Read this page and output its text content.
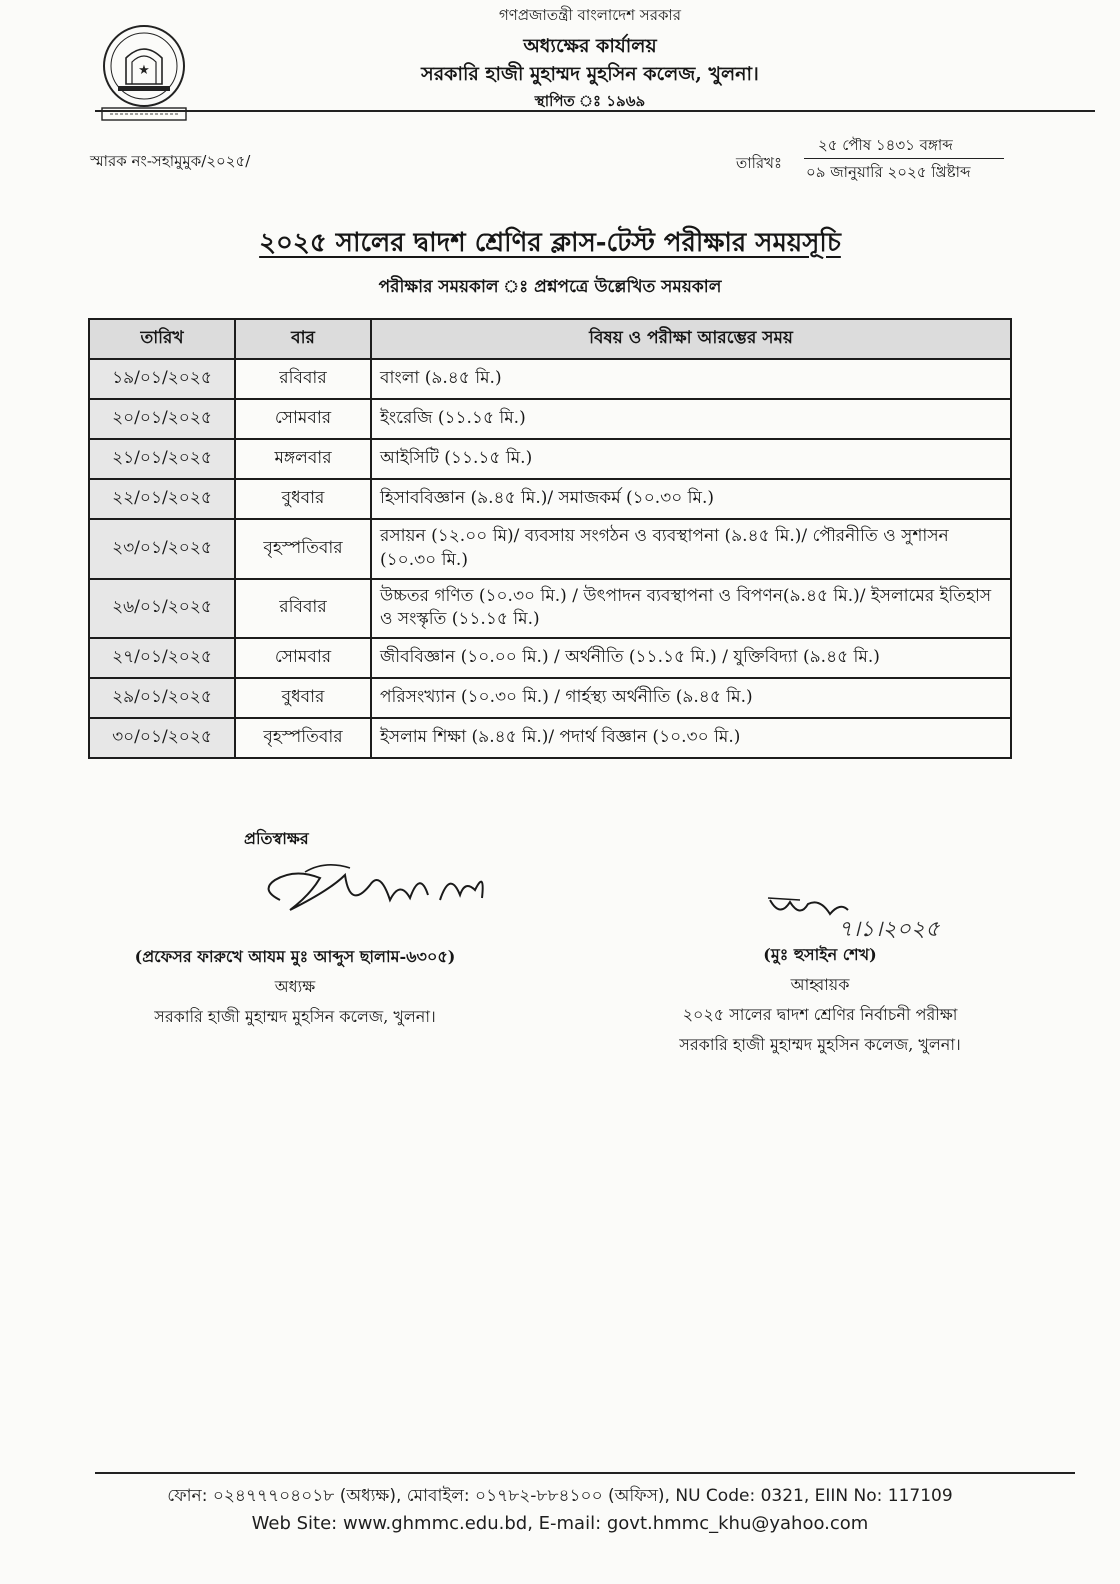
★
গণপ্রজাতন্ত্রী বাংলাদেশ সরকার
অধ্যক্ষের কার্যালয়
সরকারি হাজী মুহাম্মদ মুহসিন কলেজ, খুলনা।
স্থাপিত ঃ ১৯৬৯
স্মারক নং-সহামুমুক/২০২৫/	তারিখঃ
২৫ পৌষ ১৪৩১ বঙ্গাব্দ
০৯ জানুয়ারি ২০২৫ খ্রিষ্টাব্দ
২০২৫ সালের দ্বাদশ শ্রেণির ক্লাস-টেস্ট পরীক্ষার সময়সূচি
পরীক্ষার সময়কাল ঃ প্রশ্নপত্রে উল্লেখিত সময়কাল
তারিখ	বার	বিষয় ও পরীক্ষা আরম্ভের সময়
১৯/০১/২০২৫	রবিবার	বাংলা (৯.৪৫ মি.)
২০/০১/২০২৫	সোমবার	ইংরেজি (১১.১৫ মি.)
২১/০১/২০২৫	মঙ্গলবার	আইসিটি (১১.১৫ মি.)
২২/০১/২০২৫	বুধবার	হিসাববিজ্ঞান (৯.৪৫ মি.)/ সমাজকর্ম (১০.৩০ মি.)
২৩/০১/২০২৫	বৃহস্পতিবার	রসায়ন (১২.০০ মি)/ ব্যবসায় সংগঠন ও ব্যবস্থাপনা (৯.৪৫ মি.)/ পৌরনীতি ও সুশাসন (১০.৩০ মি.)
২৬/০১/২০২৫	রবিবার	উচ্চতর গণিত (১০.৩০ মি.) / উৎপাদন ব্যবস্থাপনা ও বিপণন(৯.৪৫ মি.)/ ইসলামের ইতিহাস ও সংস্কৃতি (১১.১৫ মি.)
২৭/০১/২০২৫	সোমবার	জীববিজ্ঞান (১০.০০ মি.) / অর্থনীতি (১১.১৫ মি.) / যুক্তিবিদ্যা (৯.৪৫ মি.)
২৯/০১/২০২৫	বুধবার	পরিসংখ্যান (১০.৩০ মি.) / গার্হস্থ্য অর্থনীতি (৯.৪৫ মি.)
৩০/০১/২০২৫	বৃহস্পতিবার	ইসলাম শিক্ষা (৯.৪৫ মি.)/ পদার্থ বিজ্ঞান (১০.৩০ মি.)
প্রতিস্বাক্ষর
৭।১।২০২৫
(প্রফেসর ফারুখে আযম মুঃ আব্দুস ছালাম-৬৩০৫)
অধ্যক্ষ
সরকারি হাজী মুহাম্মদ মুহসিন কলেজ, খুলনা।
(মুঃ হুসাইন শেখ)
আহ্বায়ক
২০২৫ সালের দ্বাদশ শ্রেণির নির্বাচনী পরীক্ষা
সরকারি হাজী মুহাম্মদ মুহসিন কলেজ, খুলনা।
ফোন: ০২৪৭৭৭০৪০১৮ (অধ্যক্ষ), মোবাইল: ০১৭৮২-৮৮৪১০০ (অফিস), NU Code: 0321, EIIN No: 117109
Web Site: www.ghmmc.edu.bd, E-mail: govt.hmmc_khu@yahoo.com
